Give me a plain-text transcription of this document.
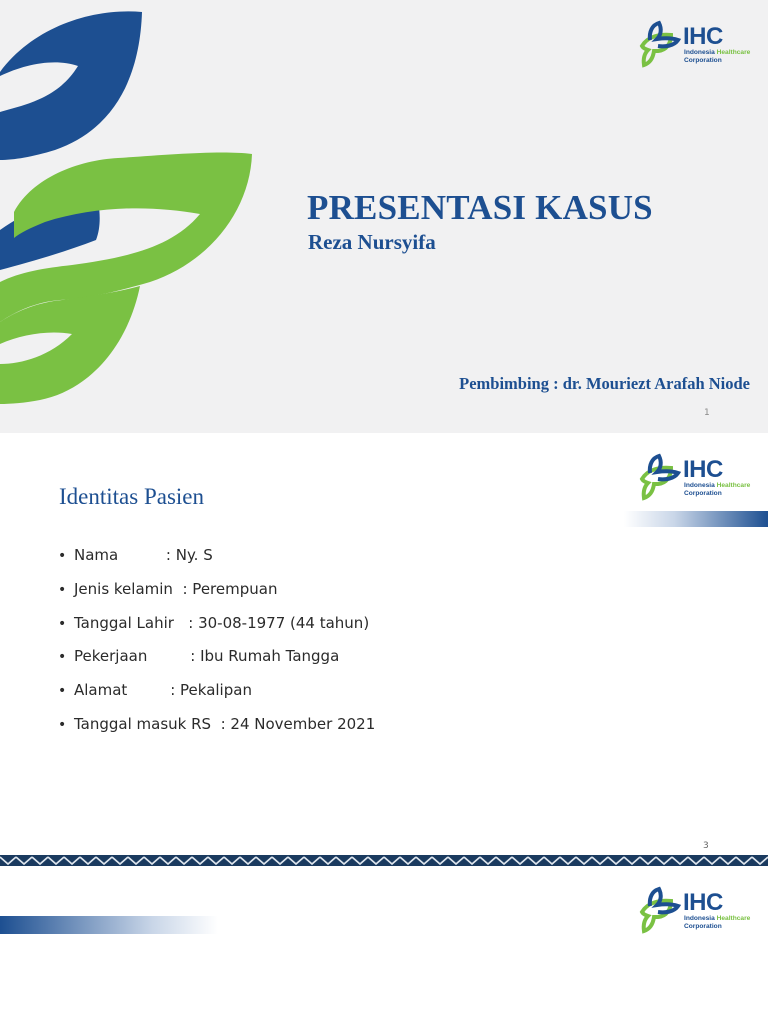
IHC
Indonesia Healthcare
Corporation
PRESENTASI KASUS
Reza Nursyifa
Pembimbing : dr. Mouriezt Arafah Niode
1
IHC
Indonesia Healthcare
Corporation
Identitas Pasien
• Nama          : Ny. S
• Jenis kelamin  : Perempuan
• Tanggal Lahir   : 30-08-1977 (44 tahun)
• Pekerjaan         : Ibu Rumah Tangga
• Alamat         : Pekalipan
• Tanggal masuk RS  : 24 November 2021
3
IHC
Indonesia Healthcare
Corporation
